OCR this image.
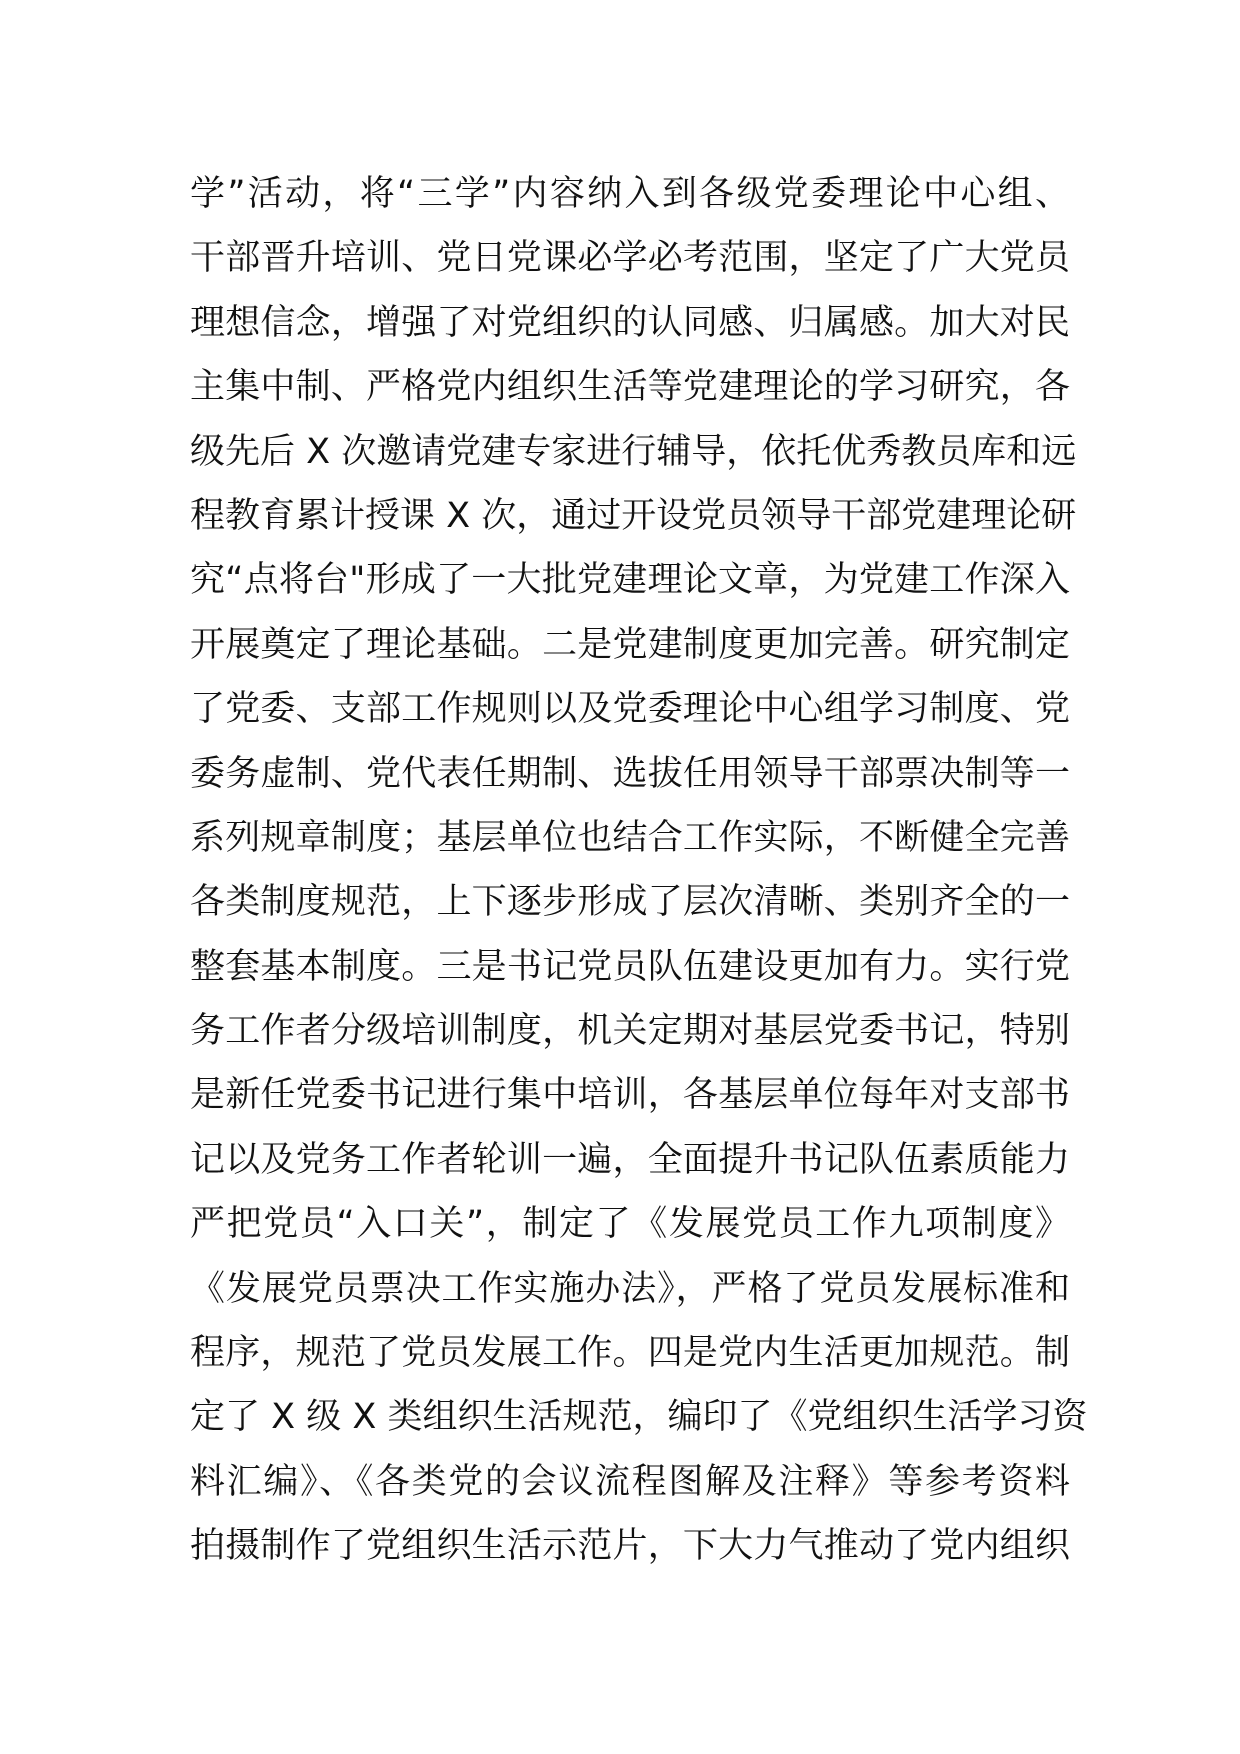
学”活动，将“三学”内容纳入到各级党委理论中心组、
干部晋升培训、党日党课必学必考范围，坚定了广大党员
理想信念，增强了对党组织的认同感、归属感。加大对民
主集中制、严格党内组织生活等党建理论的学习研究，各
级先后 X 次邀请党建专家进行辅导，依托优秀教员库和远
程教育累计授课 X 次，通过开设党员领导干部党建理论研
究“点将台"形成了一大批党建理论文章，为党建工作深入
开展奠定了理论基础。二是党建制度更加完善。研究制定
了党委、支部工作规则以及党委理论中心组学习制度、党
委务虚制、党代表任期制、选拔任用领导干部票决制等一
系列规章制度；基层单位也结合工作实际，不断健全完善
各类制度规范，上下逐步形成了层次清晰、类别齐全的一
整套基本制度。三是书记党员队伍建设更加有力。实行党
务工作者分级培训制度，机关定期对基层党委书记，特别
是新任党委书记进行集中培训，各基层单位每年对支部书
记以及党务工作者轮训一遍，全面提升书记队伍素质能力
严把党员“入口关”，制定了《发展党员工作九项制度》
《发展党员票决工作实施办法》，严格了党员发展标准和
程序，规范了党员发展工作。四是党内生活更加规范。制
定了 X 级 X 类组织生活规范，编印了《党组织生活学习资
料汇编》、《各类党的会议流程图解及注释》等参考资料
拍摄制作了党组织生活示范片，下大力气推动了党内组织
